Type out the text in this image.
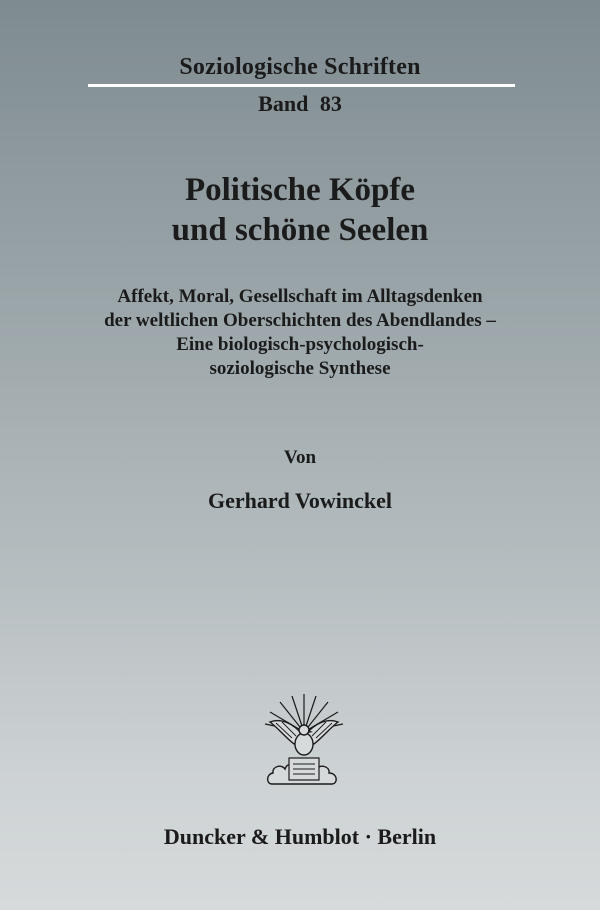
Soziologische Schriften
Band 83
Politische Köpfe
und schöne Seelen
Affekt, Moral, Gesellschaft im Alltagsdenken
der weltlichen Oberschichten des Abendlandes –
Eine biologisch-psychologisch-
soziologische Synthese
Von
Gerhard Vowinckel
Duncker & Humblot · Berlin
